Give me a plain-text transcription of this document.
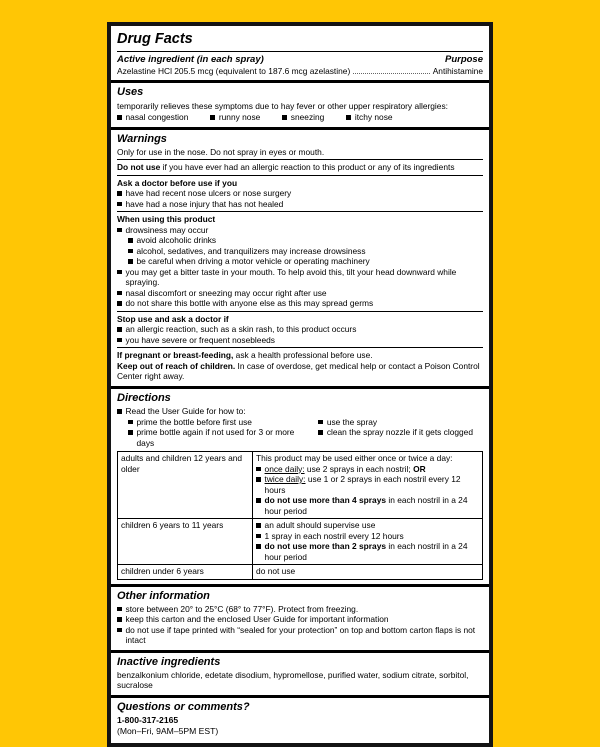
Drug Facts
Active ingredient (in each spray)	Purpose
Azelastine HCl 205.5 mcg (equivalent to 187.6 mcg azelastine)	Antihistamine
Uses
temporarily relieves these symptoms due to hay fever or other upper respiratory allergies:
nasal congestion	runny nose	sneezing	itchy nose
Warnings
Only for use in the nose. Do not spray in eyes or mouth.
Do not use if you have ever had an allergic reaction to this product or any of its ingredients
Ask a doctor before use if you
have had recent nose ulcers or nose surgery
have had a nose injury that has not healed
When using this product
drowsiness may occur
avoid alcoholic drinks
alcohol, sedatives, and tranquilizers may increase drowsiness
be careful when driving a motor vehicle or operating machinery
you may get a bitter taste in your mouth. To help avoid this, tilt your head downward while spraying.
nasal discomfort or sneezing may occur right after use
do not share this bottle with anyone else as this may spread germs
Stop use and ask a doctor if
an allergic reaction, such as a skin rash, to this product occurs
you have severe or frequent nosebleeds
If pregnant or breast-feeding, ask a health professional before use.
Keep out of reach of children. In case of overdose, get medical help or contact a Poison Control Center right away.
Directions
Read the User Guide for how to:
prime the bottle before first use
prime bottle again if not used for 3 or more days
use the spray
clean the spray nozzle if it gets clogged
adults and children 12 years and older	This product may be used either once or twice a day:
once daily: use 2 sprays in each nostril; OR
twice daily: use 1 or 2 sprays in each nostril every 12 hours
do not use more than 4 sprays in each nostril in a 24 hour period

children 6 years to 11 years	an adult should supervise use
1 spray in each nostril every 12 hours
do not use more than 2 sprays in each nostril in a 24 hour period

children under 6 years	do not use
Other information
store between 20° to 25°C (68° to 77°F). Protect from freezing.
keep this carton and the enclosed User Guide for important information
do not use if tape printed with “sealed for your protection” on top and bottom carton flaps is not intact
Inactive ingredients
benzalkonium chloride, edetate disodium, hypromellose, purified water, sodium citrate, sorbitol, sucralose
Questions or comments?
1-800-317-2165
(Mon–Fri, 9AM–5PM EST)
